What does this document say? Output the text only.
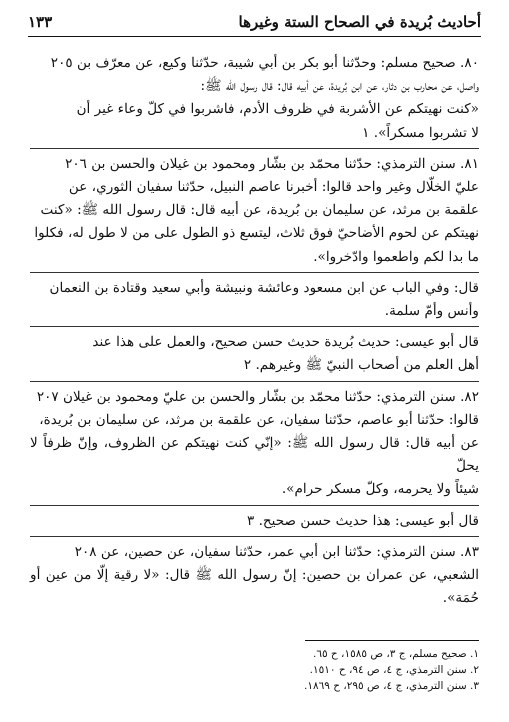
أحاديث بُريدة في الصحاح الستة وغيرها
١٣٣

٨٠. صحيح مسلم: وحدّثنا أبو بكر بن أبي شيبة، حدّثنا وكيع، عن معرّف بن ٢٠٥

واصل، عن محارب بن دثار، عن ابن بُريدة، عن أبيه قال: قال رسول الله ﷺ:

«كنت نهيتكم عن الأشربة في ظروف الأدم، فاشربوا في كلّ وعاء غير أن

لا تشربوا مسكراً». ١

٨١. سنن الترمذي: حدّثنا محمّد بن بشّار ومحمود بن غيلان والحسن بن ٢٠٦

عليّ الخلّال وغير واحد قالوا: أخبرنا عاصم النبيل، حدّثنا سفيان الثوري، عن

علقمة بن مرثد، عن سليمان بن بُريدة، عن أبيه قال: قال رسول الله ﷺ: «كنت

نهيتكم عن لحوم الأضاحيّ فوق ثلاث، ليتسع ذو الطول على من لا طول له، فكلوا

ما بدا لكم واطعموا وادّخروا».

قال: وفي الباب عن ابن مسعود وعائشة ونبيشة وأبي سعيد وقتادة بن النعمان

وأنس وأمّ سلمة.

قال أبو عيسى: حديث بُريدة حديث حسن صحيح، والعمل على هذا عند

أهل العلم من أصحاب النبيّ ﷺ وغيرهم. ٢

٨٢. سنن الترمذي: حدّثنا محمّد بن بشّار والحسن بن عليّ ومحمود بن غيلان ٢٠٧

قالوا: حدّثنا أبو عاصم، حدّثنا سفيان، عن علقمة بن مرثد، عن سليمان بن بُريدة،

عن أبيه قال: قال رسول الله ﷺ: «إنّي كنت نهيتكم عن الظروف، وإنّ ظرفاً لا يحلّ

شيئاً ولا يحرمه، وكلّ مسكر حرام».

قال أبو عيسى: هذا حديث حسن صحيح. ٣

٨٣. سنن الترمذي: حدّثنا ابن أبي عمر، حدّثنا سفيان، عن حصين، عن ٢٠٨

الشعبي، عن عمران بن حصين: إنّ رسول الله ﷺ قال: «لا رقية إلّا من عين أو حُمَة».

١. صحيح مسلم، ج ٣، ص ١٥٨٥، ح ٦٥.
٢. سنن الترمذي، ج ٤، ص ٩٤، ح ١٥١٠.
٣. سنن الترمذي، ج ٤، ص ٢٩٥، ح ١٨٦٩.
